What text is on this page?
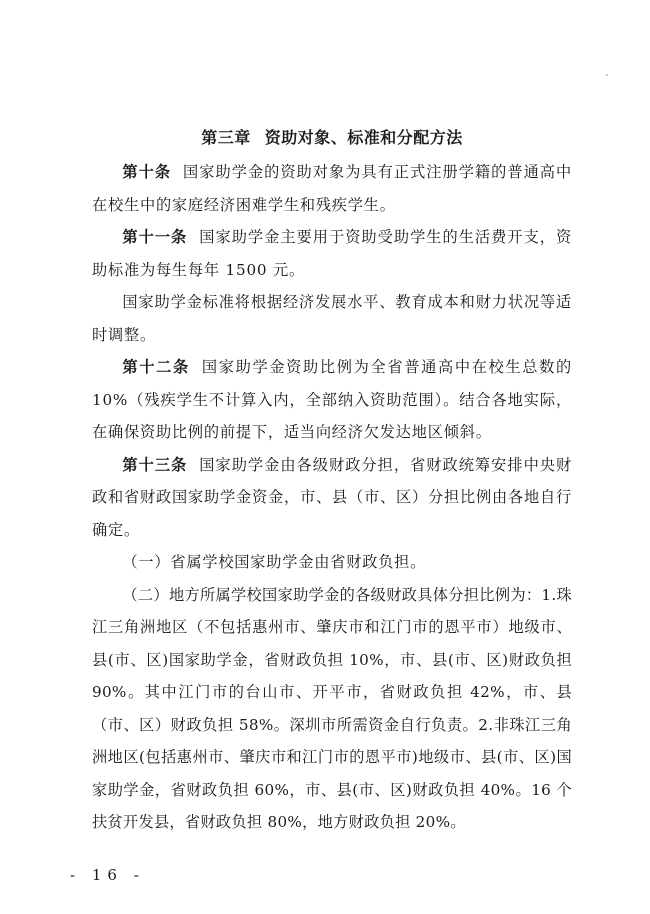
第三章 资助对象、标准和分配方法

第十条 国家助学金的资助对象为具有正式注册学籍的普通高中在校生中的家庭经济困难学生和残疾学生。

第十一条 国家助学金主要用于资助受助学生的生活费开支，资助标准为每生每年 1500 元。

国家助学金标准将根据经济发展水平、教育成本和财力状况等适时调整。

第十二条 国家助学金资助比例为全省普通高中在校生总数的 10%（残疾学生不计算入内，全部纳入资助范围）。结合各地实际，在确保资助比例的前提下，适当向经济欠发达地区倾斜。

第十三条 国家助学金由各级财政分担，省财政统筹安排中央财政和省财政国家助学金资金，市、县（市、区）分担比例由各地自行确定。

（一）省属学校国家助学金由省财政负担。

（二）地方所属学校国家助学金的各级财政具体分担比例为：1.珠江三角洲地区（不包括惠州市、肇庆市和江门市的恩平市）地级市、县(市、区)国家助学金，省财政负担 10%，市、县(市、区)财政负担 90%。其中江门市的台山市、开平市，省财政负担 42%，市、县（市、区）财政负担 58%。深圳市所需资金自行负责。2.非珠江三角洲地区(包括惠州市、肇庆市和江门市的恩平市)地级市、县(市、区)国家助学金，省财政负担 60%，市、县(市、区)财政负担 40%。16 个扶贫开发县，省财政负担 80%，地方财政负担 20%。

- 16 -
